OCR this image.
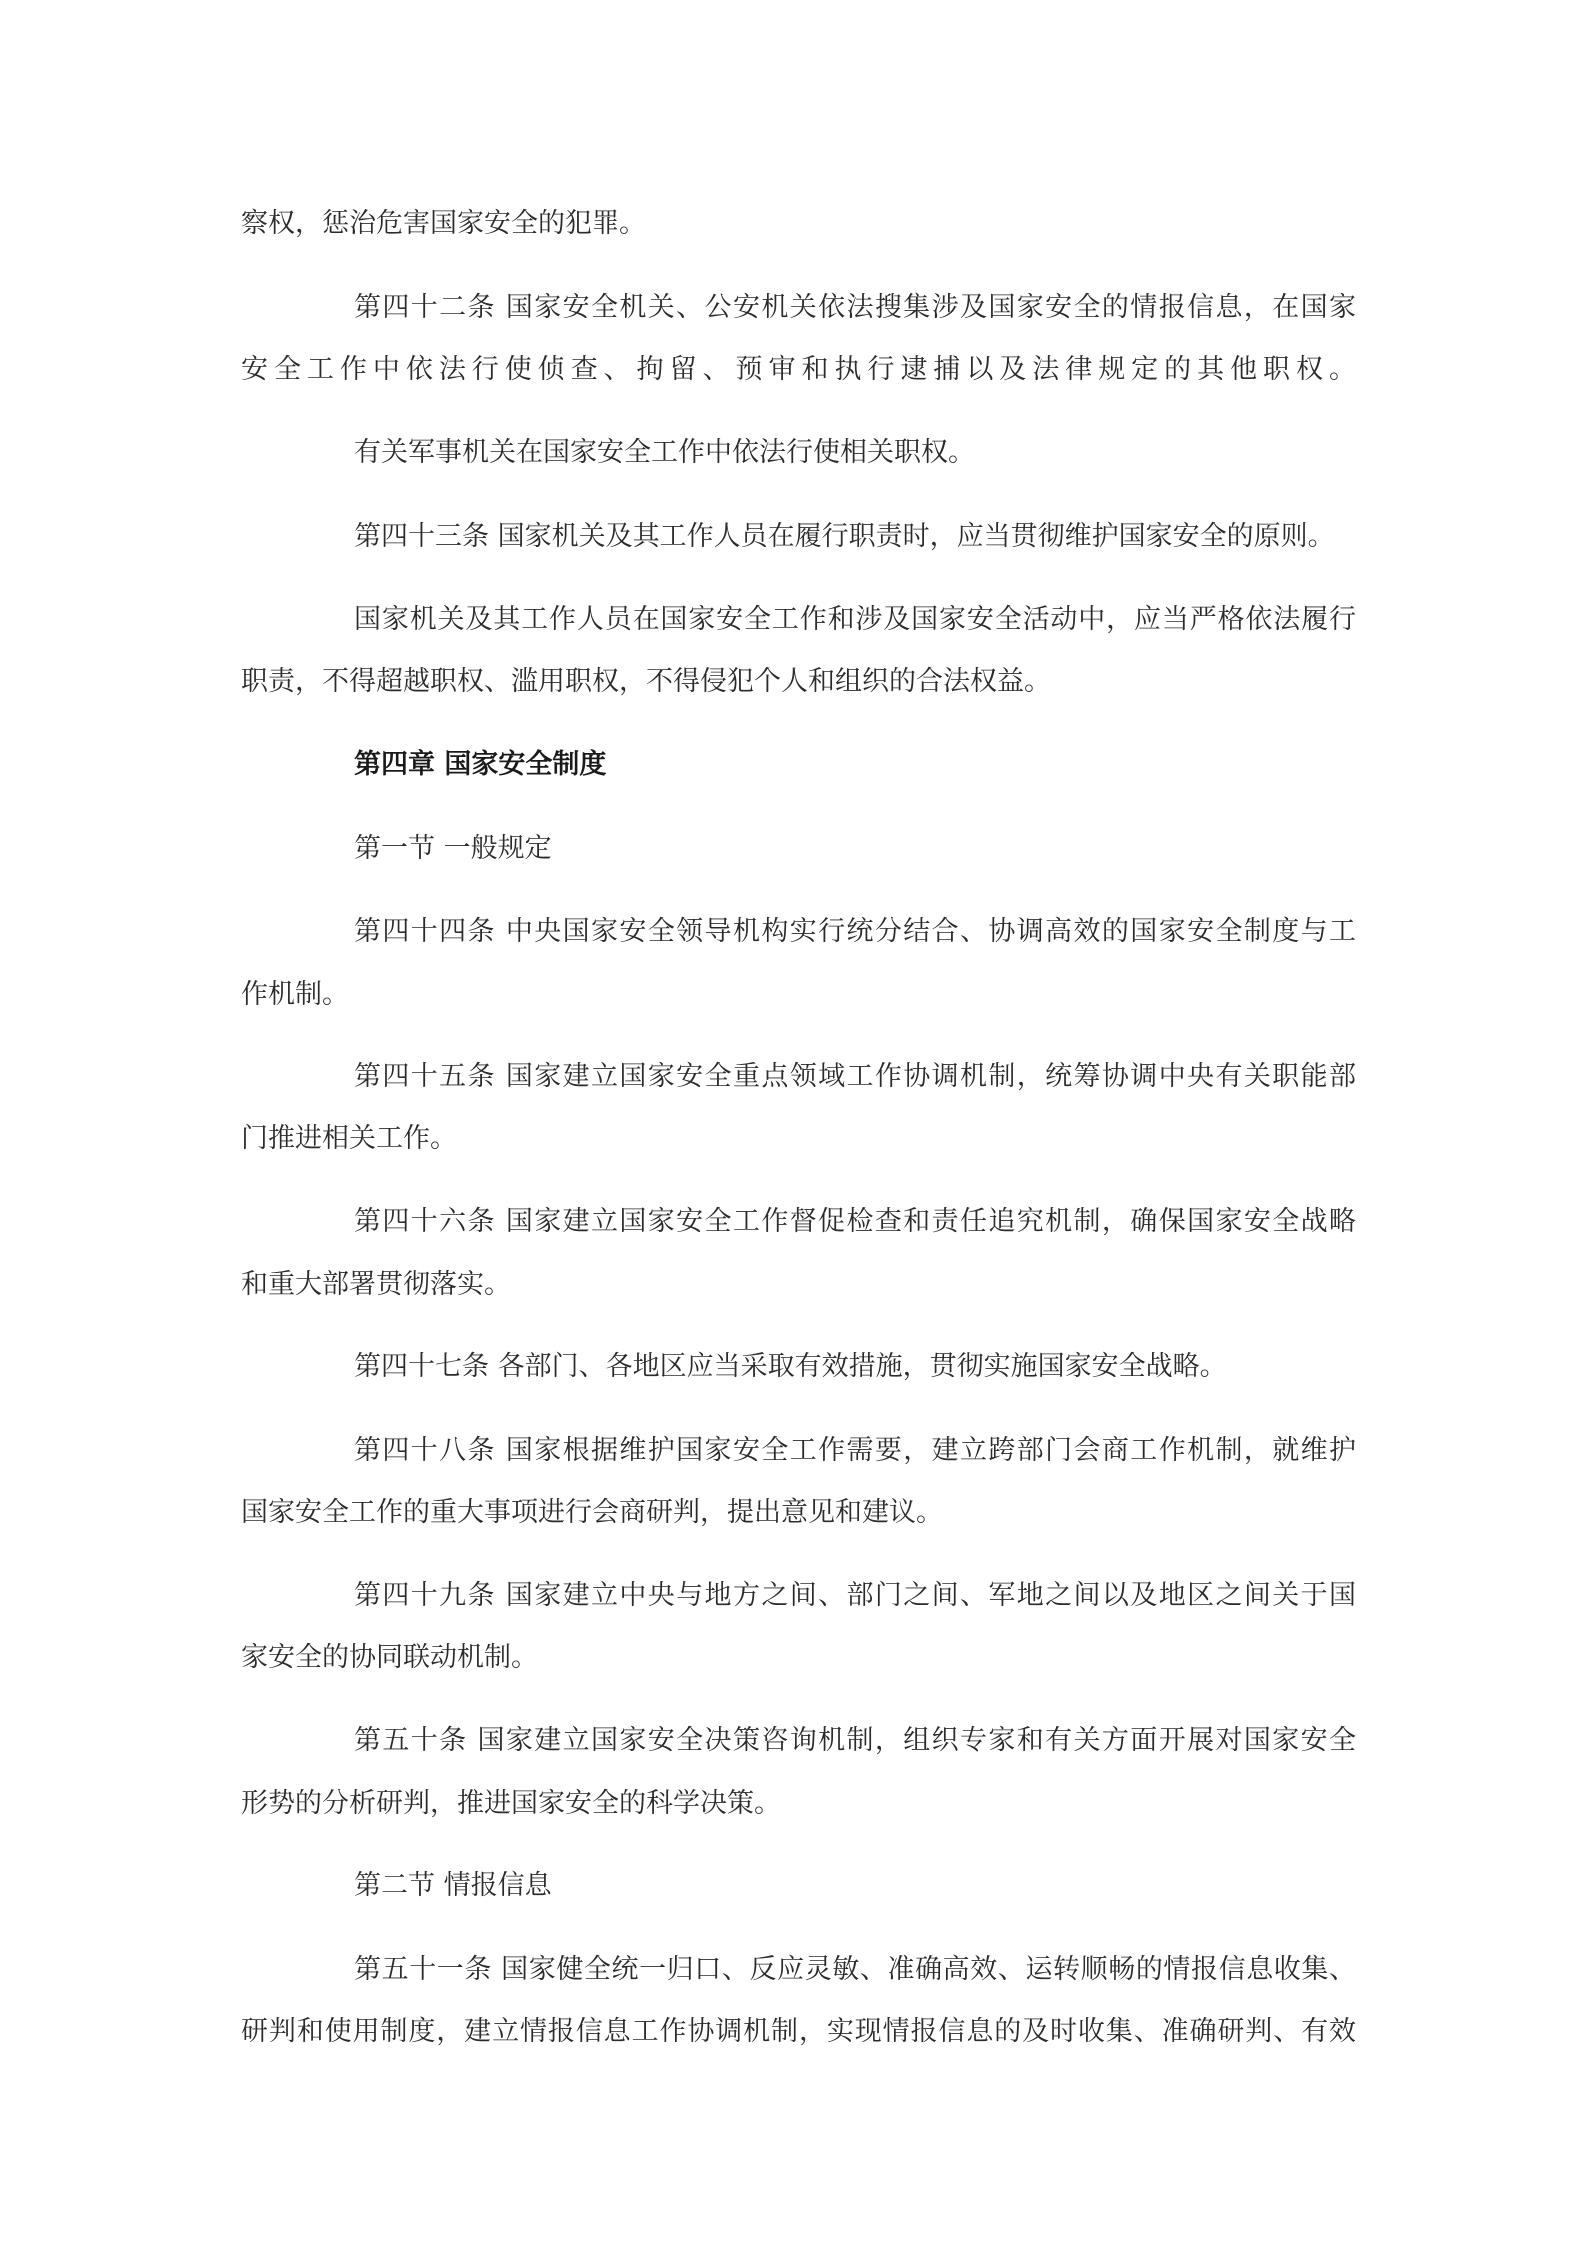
察权，惩治危害国家安全的犯罪。
第四十二条 国家安全机关、公安机关依法搜集涉及国家安全的情报信息，在国家
安全工作中依法行使侦查、拘留、预审和执行逮捕以及法律规定的其他职权。
有关军事机关在国家安全工作中依法行使相关职权。
第四十三条 国家机关及其工作人员在履行职责时，应当贯彻维护国家安全的原则。
国家机关及其工作人员在国家安全工作和涉及国家安全活动中，应当严格依法履行
职责，不得超越职权、滥用职权，不得侵犯个人和组织的合法权益。
第四章 国家安全制度
第一节 一般规定
第四十四条 中央国家安全领导机构实行统分结合、协调高效的国家安全制度与工
作机制。
第四十五条 国家建立国家安全重点领域工作协调机制，统筹协调中央有关职能部
门推进相关工作。
第四十六条 国家建立国家安全工作督促检查和责任追究机制，确保国家安全战略
和重大部署贯彻落实。
第四十七条 各部门、各地区应当采取有效措施，贯彻实施国家安全战略。
第四十八条 国家根据维护国家安全工作需要，建立跨部门会商工作机制，就维护
国家安全工作的重大事项进行会商研判，提出意见和建议。
第四十九条 国家建立中央与地方之间、部门之间、军地之间以及地区之间关于国
家安全的协同联动机制。
第五十条 国家建立国家安全决策咨询机制，组织专家和有关方面开展对国家安全
形势的分析研判，推进国家安全的科学决策。
第二节 情报信息
第五十一条 国家健全统一归口、反应灵敏、准确高效、运转顺畅的情报信息收集、
研判和使用制度，建立情报信息工作协调机制，实现情报信息的及时收集、准确研判、有效
